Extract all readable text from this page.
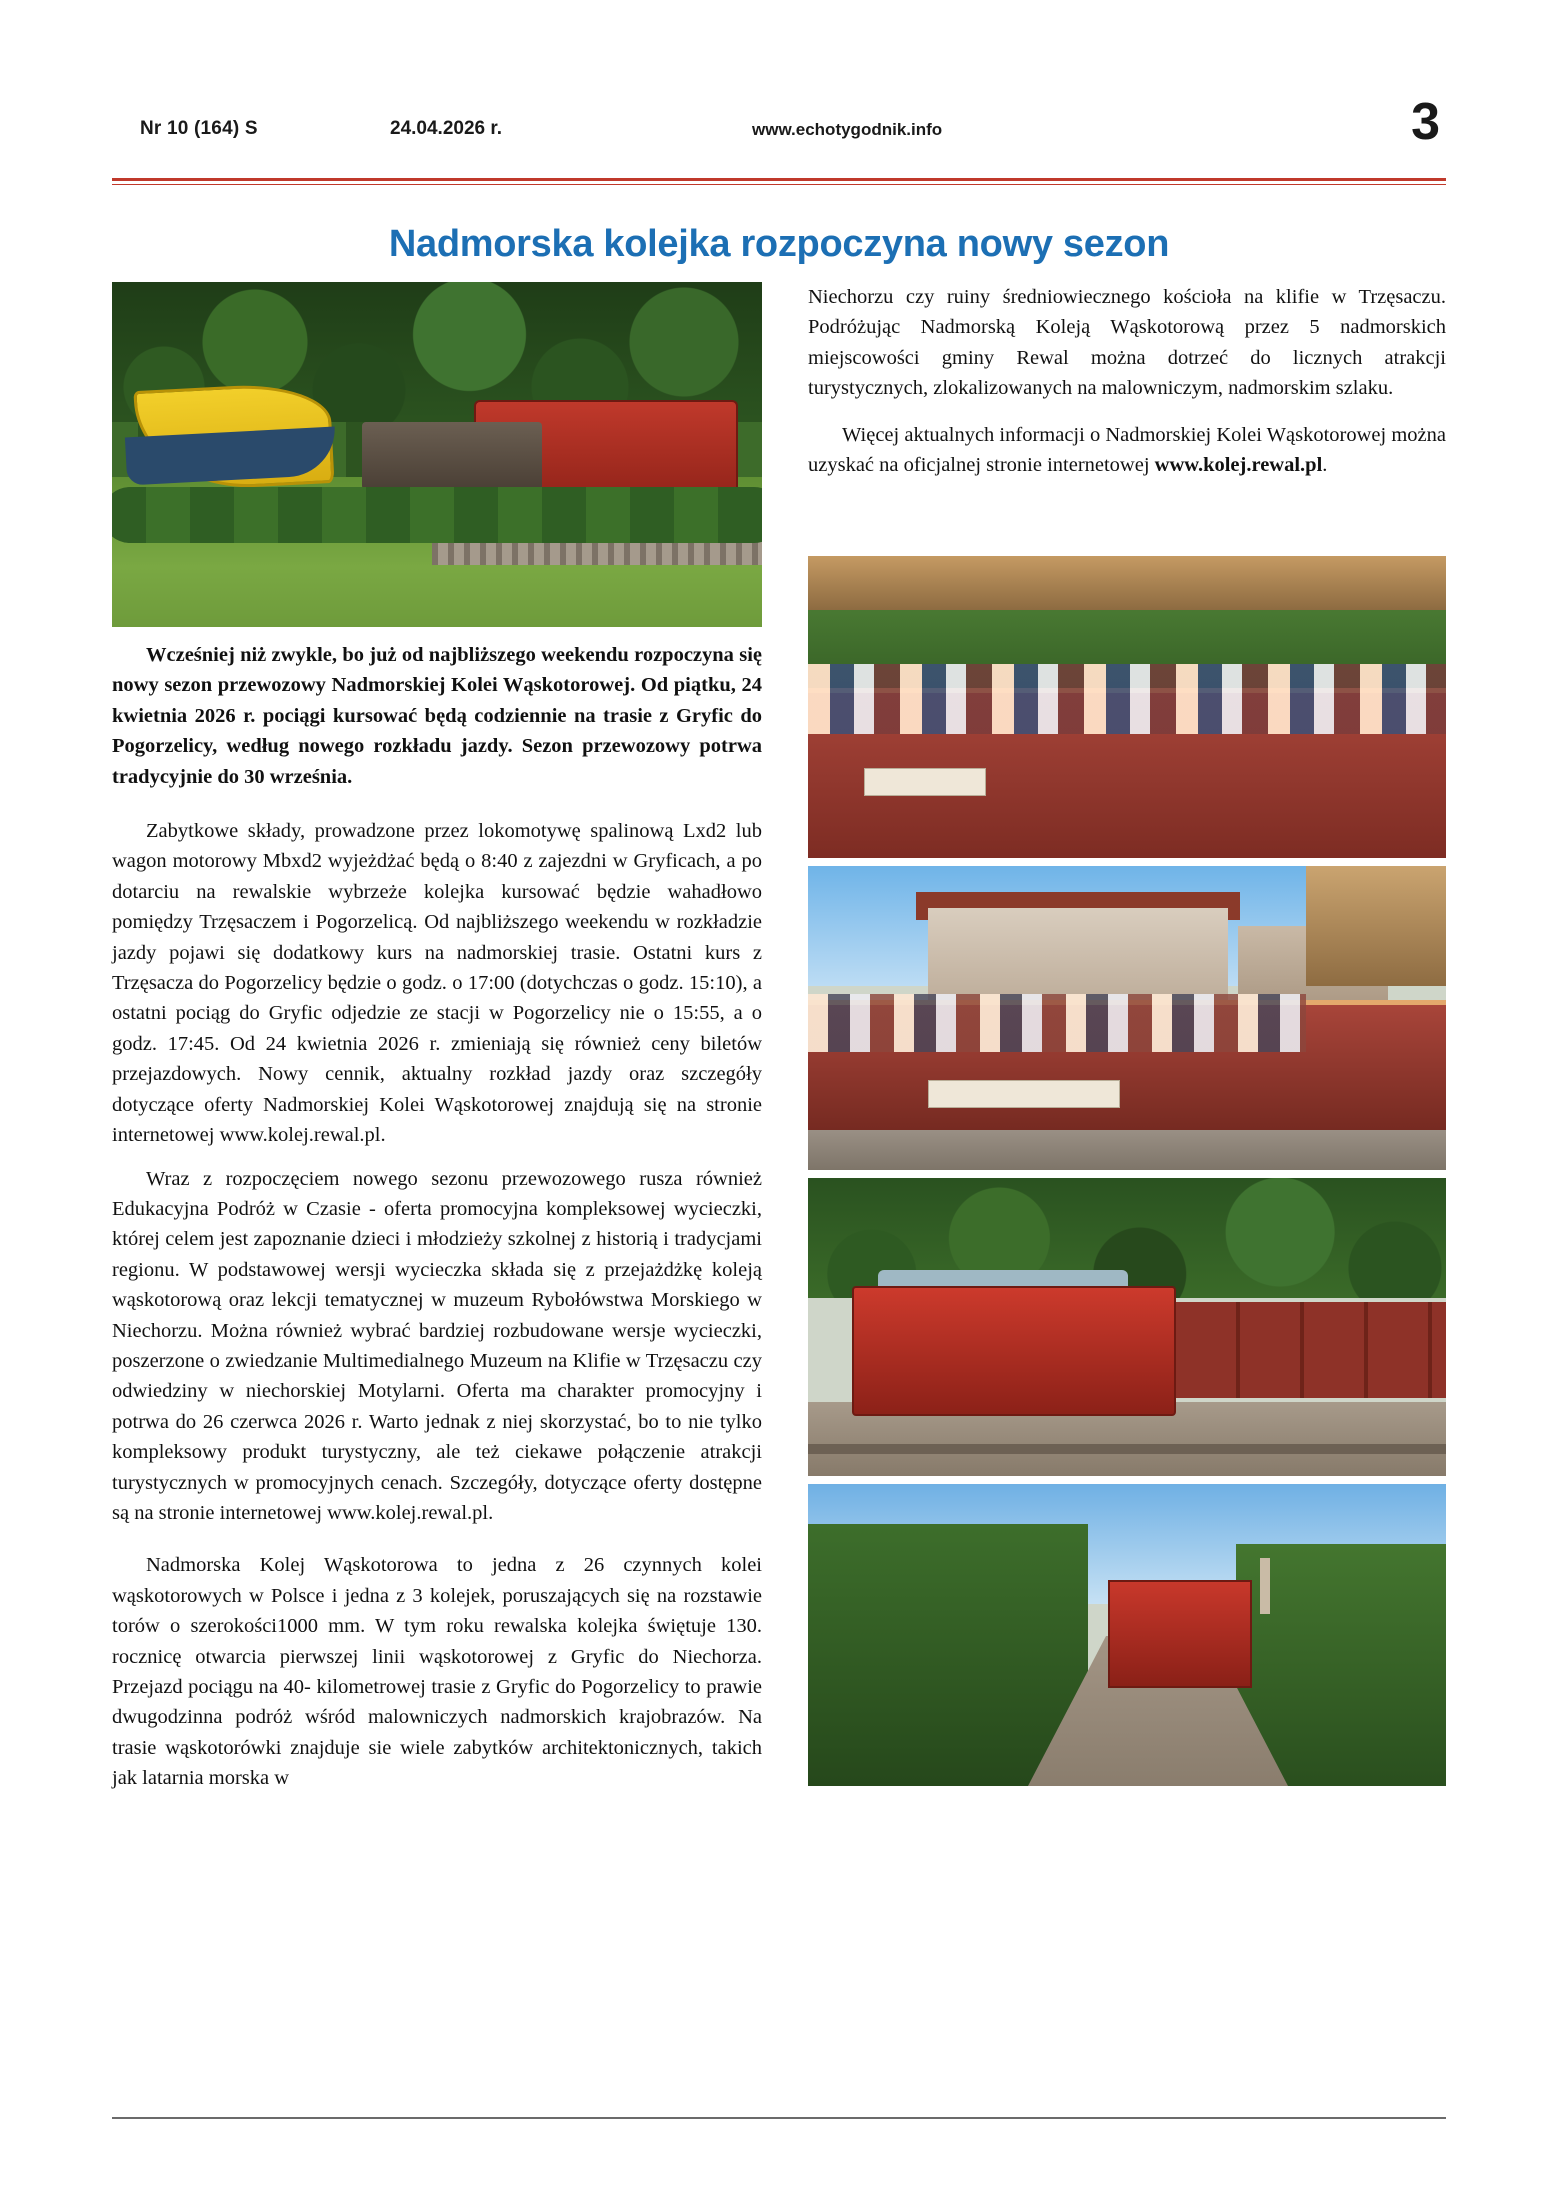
Nr 10 (164) S	24.04.2026 r.	www.echotygodnik.info	3
Nadmorska kolejka rozpoczyna nowy sezon

Wcześniej niż zwykle, bo już od najbliższego weekendu rozpoczyna się nowy sezon przewozowy Nadmorskiej Kolei Wąskotorowej. Od piątku, 24 kwietnia 2026 r. pociągi kursować będą codziennie na trasie z Gryfic do Pogorzelicy, według nowego rozkładu jazdy. Sezon przewozowy potrwa tradycyjnie do 30 września.

Zabytkowe składy, prowadzone przez lokomotywę spalinową Lxd2 lub wagon motorowy Mbxd2 wyjeżdżać będą o 8:40 z zajezdni w Gryficach, a po dotarciu na rewalskie wybrzeże kolejka kursować będzie wahadłowo pomiędzy Trzęsaczem i Pogorzelicą. Od najbliższego weekendu w rozkładzie jazdy pojawi się dodatkowy kurs na nadmorskiej trasie. Ostatni kurs z Trzęsacza do Pogorzelicy będzie o godz. o 17:00 (dotychczas o godz. 15:10), a ostatni pociąg do Gryfic odjedzie ze stacji w Pogorzelicy nie o 15:55, a o godz. 17:45. Od 24 kwietnia 2026 r. zmieniają się również ceny biletów przejazdowych. Nowy cennik, aktualny rozkład jazdy oraz szczegóły dotyczące oferty Nadmorskiej Kolei Wąskotorowej znajdują się na stronie internetowej www.kolej.rewal.pl.

Wraz z rozpoczęciem nowego sezonu przewozowego rusza również Edukacyjna Podróż w Czasie - oferta promocyjna kompleksowej wycieczki, której celem jest zapoznanie dzieci i młodzieży szkolnej z historią i tradycjami regionu. W podstawowej wersji wycieczka składa się z przejażdżkę koleją wąskotorową oraz lekcji tematycznej w muzeum Rybołówstwa Morskiego w Niechorzu. Można również wybrać bardziej rozbudowane wersje wycieczki, poszerzone o zwiedzanie Multimedialnego Muzeum na Klifie w Trzęsaczu czy odwiedziny w niechorskiej Motylarni. Oferta ma charakter promocyjny i potrwa do 26 czerwca 2026 r. Warto jednak z niej skorzystać, bo to nie tylko kompleksowy produkt turystyczny, ale też ciekawe połączenie atrakcji turystycznych w promocyjnych cenach. Szczegóły, dotyczące oferty dostępne są na stronie internetowej www.kolej.rewal.pl.

Nadmorska Kolej Wąskotorowa to jedna z 26 czynnych kolei wąskotorowych w Polsce i jedna z 3 kolejek, poruszających się na rozstawie torów o szerokości1000 mm. W tym roku rewalska kolejka świętuje 130. rocznicę otwarcia pierwszej linii wąskotorowej z Gryfic do Niechorza. Przejazd pociągu na 40- kilometrowej trasie z Gryfic do Pogorzelicy to prawie dwugodzinna podróż wśród malowniczych nadmorskich krajobrazów. Na trasie wąskotorówki znajduje sie wiele zabytków architektonicznych, takich jak latarnia morska w

Niechorzu czy ruiny średniowiecznego kościoła na klifie w Trzęsaczu. Podróżując Nadmorską Koleją Wąskotorową przez 5 nadmorskich miejscowości gminy Rewal można dotrzeć do licznych atrakcji turystycznych, zlokalizowanych na malowniczym, nadmorskim szlaku.

Więcej aktualnych informacji o Nadmorskiej Kolei Wąskotorowej można uzyskać na oficjalnej stronie internetowej www.kolej.rewal.pl.
